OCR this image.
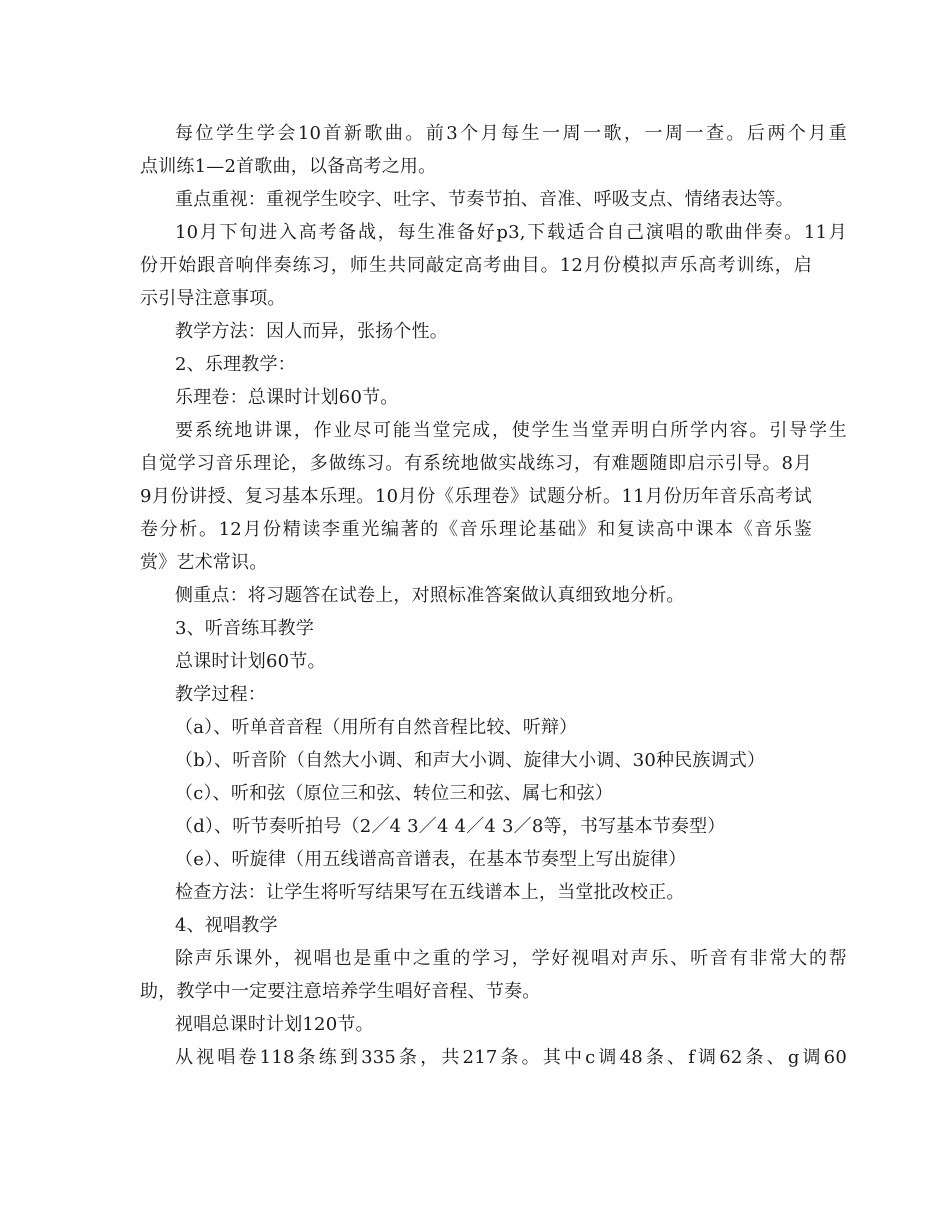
每位学生学会10首新歌曲。前3个月每生一周一歌，一周一查。后两个月重
点训练1—2首歌曲，以备高考之用。
重点重视：重视学生咬字、吐字、节奏节拍、音准、呼吸支点、情绪表达等。
10月下旬进入高考备战，每生准备好p3,下载适合自己演唱的歌曲伴奏。11月
份开始跟音响伴奏练习，师生共同敲定高考曲目。12月份模拟声乐高考训练，启
示引导注意事项。
教学方法：因人而异，张扬个性。
2、乐理教学：
乐理卷：总课时计划60节。
要系统地讲课，作业尽可能当堂完成，使学生当堂弄明白所学内容。引导学生
自觉学习音乐理论，多做练习。有系统地做实战练习，有难题随即启示引导。8月
9月份讲授、复习基本乐理。10月份《乐理卷》试题分析。11月份历年音乐高考试
卷分析。12月份精读李重光编著的《音乐理论基础》和复读高中课本《音乐鉴
赏》艺术常识。
侧重点：将习题答在试卷上，对照标准答案做认真细致地分析。
3、听音练耳教学
总课时计划60节。
教学过程：
（a）、听单音音程（用所有自然音程比较、听辩）
（b）、听音阶（自然大小调、和声大小调、旋律大小调、30种民族调式）
（c）、听和弦（原位三和弦、转位三和弦、属七和弦）
（d）、听节奏听拍号（2／4 3／4 4／4 3／8等，书写基本节奏型）
（e）、听旋律（用五线谱高音谱表，在基本节奏型上写出旋律）
检查方法：让学生将听写结果写在五线谱本上，当堂批改校正。
4、视唱教学
除声乐课外，视唱也是重中之重的学习，学好视唱对声乐、听音有非常大的帮
助，教学中一定要注意培养学生唱好音程、节奏。
视唱总课时计划120节。
从视唱卷118条练到335条，共217条。其中c调48条、f调62条、g调60
